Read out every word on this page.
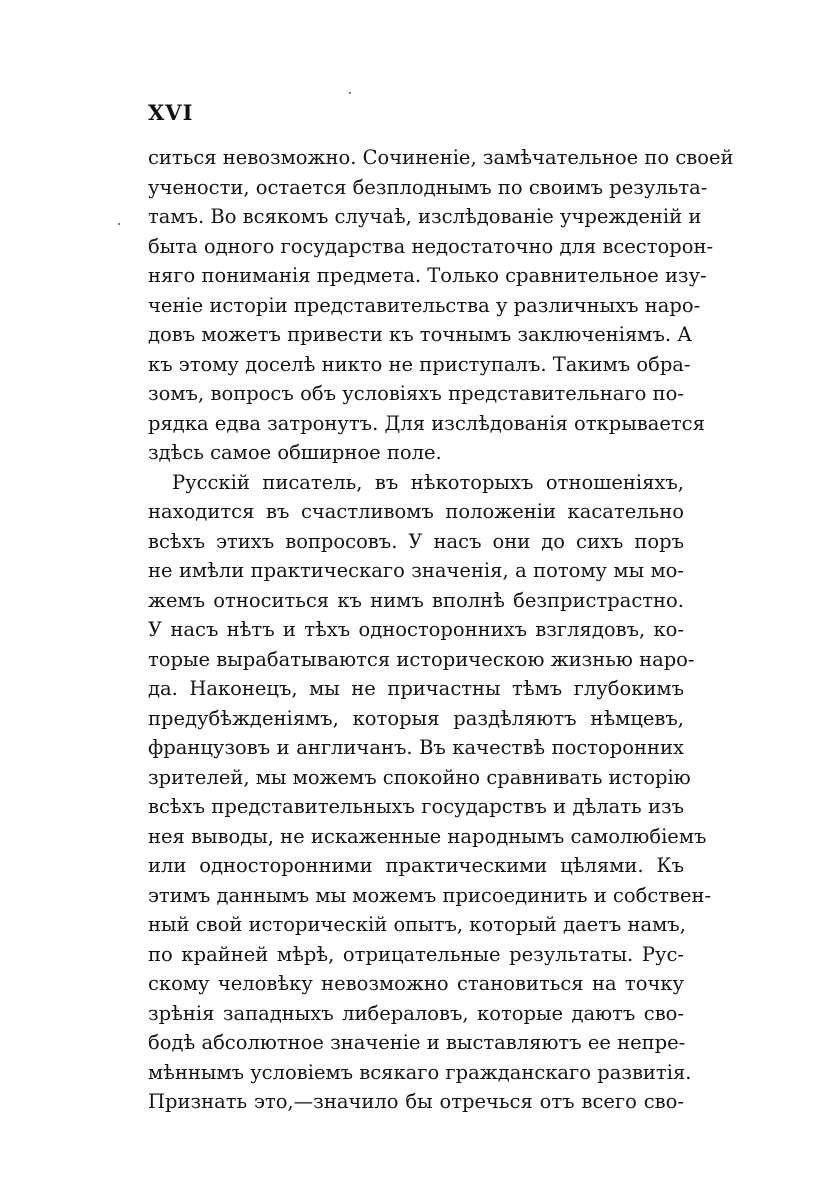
XVI
ситься невозможно. Сочиненіе, замѣчательное по своей
учености, остается безплоднымъ по своимъ результа-
тамъ. Во всякомъ случаѣ, изслѣдованіе учрежденій и
быта одного государства недостаточно для всесторон-
няго пониманія предмета. Только сравнительное изу-
ченіе исторіи представительства у различныхъ наро-
довъ можетъ привести къ точнымъ заключеніямъ. А
къ этому доселѣ никто не приступалъ. Такимъ обра-
зомъ, вопросъ объ условіяхъ представительнаго по-
рядка едва затронутъ. Для изслѣдованія открывается
здѣсь самое обширное поле.
Русскій писатель, въ нѣкоторыхъ отношеніяхъ,
находится въ счастливомъ положеніи касательно
всѣхъ этихъ вопросовъ. У насъ они до сихъ поръ
не имѣли практическаго значенія, а потому мы мо-
жемъ относиться къ нимъ вполнѣ безпристрастно.
У насъ нѣтъ и тѣхъ одностороннихъ взглядовъ, ко-
торые вырабатываются историческою жизнью наро-
да. Наконецъ, мы не причастны тѣмъ глубокимъ
предубѣжденіямъ, которыя раздѣляютъ нѣмцевъ,
французовъ и англичанъ. Въ качествѣ посторонних
зрителей, мы можемъ спокойно сравнивать исторію
всѣхъ представительныхъ государствъ и дѣлать изъ
нея выводы, не искаженные народнымъ самолюбіемъ
или односторонними практическими цѣлями. Къ
этимъ даннымъ мы можемъ присоединить и собствен-
ный свой историческій опытъ, который даетъ намъ,
по крайней мѣрѣ, отрицательные результаты. Рус-
скому человѣку невозможно становиться на точку
зрѣнія западныхъ либераловъ, которые даютъ сво-
бодѣ абсолютное значеніе и выставляютъ ее непре-
мѣннымъ условіемъ всякаго гражданскаго развитія.
Признать это,—значило бы отречься отъ всего сво-
